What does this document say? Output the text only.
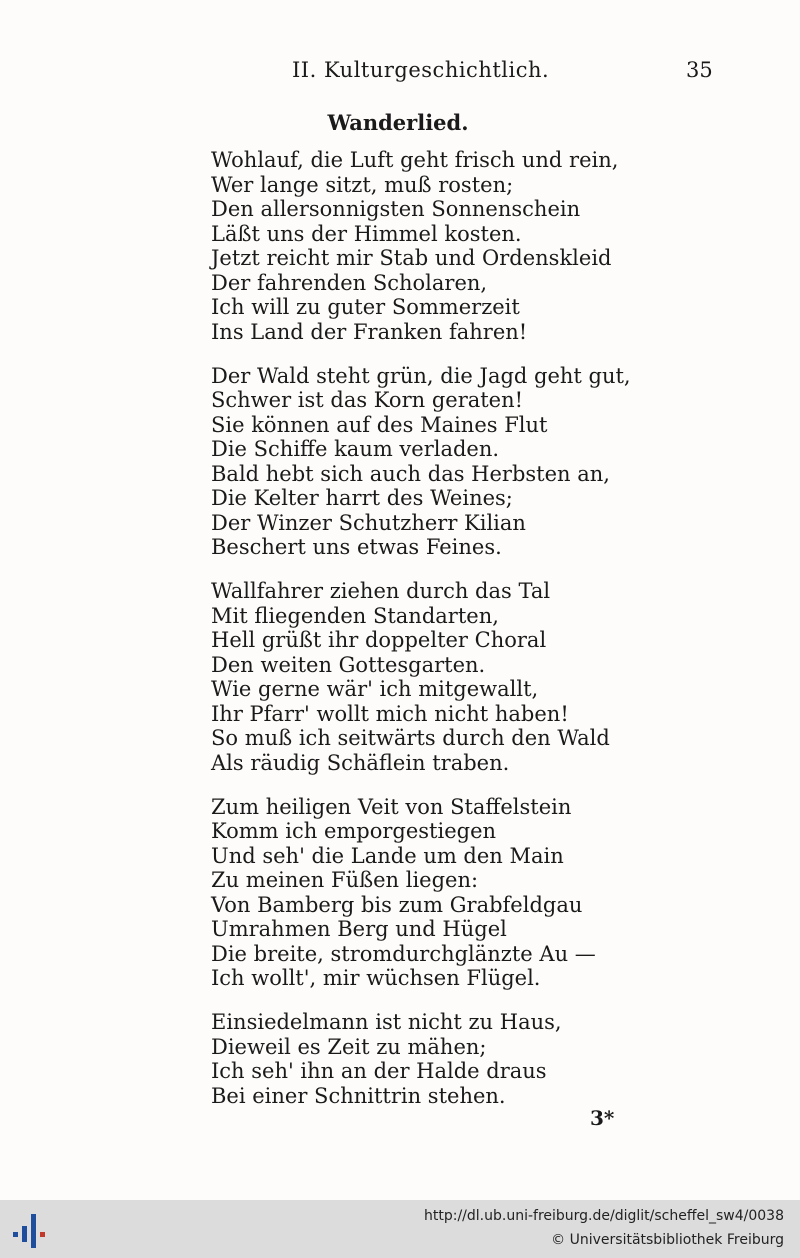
II. Kulturgeschichtlich.	35
Wanderlied.
Wohlauf, die Luft geht frisch und rein,
Wer lange sitzt, muß rosten;
Den allersonnigsten Sonnenschein
Läßt uns der Himmel kosten.
Jetzt reicht mir Stab und Ordenskleid
Der fahrenden Scholaren,
Ich will zu guter Sommerzeit
Ins Land der Franken fahren!
Der Wald steht grün, die Jagd geht gut,
Schwer ist das Korn geraten!
Sie können auf des Maines Flut
Die Schiffe kaum verladen.
Bald hebt sich auch das Herbsten an,
Die Kelter harrt des Weines;
Der Winzer Schutzherr Kilian
Beschert uns etwas Feines.
Wallfahrer ziehen durch das Tal
Mit fliegenden Standarten,
Hell grüßt ihr doppelter Choral
Den weiten Gottesgarten.
Wie gerne wär' ich mitgewallt,
Ihr Pfarr' wollt mich nicht haben!
So muß ich seitwärts durch den Wald
Als räudig Schäflein traben.
Zum heiligen Veit von Staffelstein
Komm ich emporgestiegen
Und seh' die Lande um den Main
Zu meinen Füßen liegen:
Von Bamberg bis zum Grabfeldgau
Umrahmen Berg und Hügel
Die breite, stromdurchglänzte Au —
Ich wollt', mir wüchsen Flügel.
Einsiedelmann ist nicht zu Haus,
Dieweil es Zeit zu mähen;
Ich seh' ihn an der Halde draus
Bei einer Schnittrin stehen.
3*
http://dl.ub.uni-freiburg.de/diglit/scheffel_sw4/0038
© Universitätsbibliothek Freiburg
